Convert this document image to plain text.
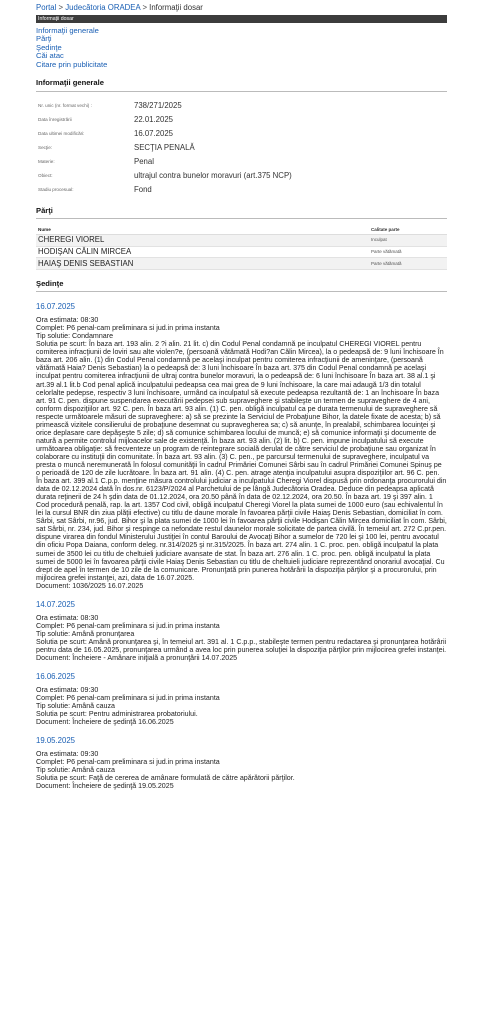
Portal > Judecătoria ORADEA > Informaţii dosar
Informaţii dosar
Informaţii generale
Părţi
Şedinţe
Căi atac
Citare prin publicitate
Informaţii generale
Nr. unic (nr. format vechi) :	738/271/2025
Data înregistrării	22.01.2025
Data ultimei modificări:	16.07.2025
Secţie:	SECŢIA PENALĂ
Materie:	Penal
Obiect:	ultrajul contra bunelor moravuri (art.375 NCP)
Stadiu procesual:	Fond
Părţi
Nume	Calitate parte
CHEREGI VIOREL	Inculpat
HODIŞAN CĂLIN MIRCEA	Parte vătămată
HAIAŞ DENIS SEBASTIAN	Parte vătămată
Şedinţe
16.07.2025
Ora estimata: 08:30
Complet: P6 penal-cam preliminara si jud.in prima instanta
Tip solutie: Condamnare
Solutia pe scurt: În baza art. 193 alin. 2 ?i alin. 21 lit. c) din Codul Penal condamnă pe inculpatul CHEREGI VIOREL pentru comiterea infracţiunii de loviri sau alte violen?e, (persoană vătămată Hodi?an Călin Mircea), la o pedeapsă de: 9 luni închisoare În baza art. 206 alin. (1) din Codul Penal condamnă pe acelaşi inculpat pentru comiterea infracţiunii de ameninţare, (persoană vătămată Haia? Denis Sebastian) la o pedeapsă de: 3 luni închisoare În baza art. 375 din Codul Penal condamnă pe acelaşi inculpat pentru comiterea infracţiunii de ultraj contra bunelor moravuri, la o pedeapsă de: 6 luni închisoare În baza art. 38 al.1 şi art.39 al.1 lit.b Cod penal aplică inculpatului pedeapsa cea mai grea de 9 luni închisoare, la care mai adaugă 1/3 din totalul celorlalte pedepse, respectiv 3 luni închisoare, urmând ca inculpatul să execute pedeapsa rezultantă de: 1 an închisoare În baza art. 91 C. pen. dispune suspendarea executării pedepsei sub supraveghere şi stabileşte un termen de supraveghere de 4 ani, conform dispoziţiilor art. 92 C. pen. În baza art. 93 alin. (1) C. pen. obligă inculpatul ca pe durata termenului de supraveghere să respecte următoarele măsuri de supraveghere: a) să se prezinte la Serviciul de Probaţiune Bihor, la datele fixate de acesta; b) să primească vizitele consilierului de probaţiune desemnat cu supravegherea sa; c) să anunţe, în prealabil, schimbarea locuinţei şi orice deplasare care depăşeşte 5 zile; d) să comunice schimbarea locului de muncă; e) să comunice informaţii şi documente de natură a permite controlul mijloacelor sale de existenţă. În baza art. 93 alin. (2) lit. b) C. pen. impune inculpatului să execute următoarea obligaţie: să frecventeze un program de reintegrare socială derulat de către serviciul de probaţiune sau organizat în colaborare cu instituţii din comunitate. În baza art. 93 alin. (3) C. pen., pe parcursul termenului de supraveghere, inculpatul va presta o muncă neremunerată în folosul comunităţii în cadrul Primăriei Comunei Sârbi sau în cadrul Primăriei Comunei Spinuş pe o perioadă de 120 de zile lucrătoare. În baza art. 91 alin. (4) C. pen. atrage atenţia inculpatului asupra dispoziţiilor art. 96 C. pen. În baza art. 399 al.1 C.p.p. menţine măsura controlului judiciar a inculpatului Cheregi Viorel dispusă prin ordonanţa procurorului din data de 02.12.2024 dată în dos.nr. 6123/P/2024 al Parchetului de pe lângă Judecătoria Oradea. Deduce din pedeapsa aplicată durata reţinerii de 24 h şdin data de 01.12.2024, ora 20.50 până în data de 02.12.2024, ora 20.50. În baza art. 19 şi 397 alin. 1 Cod procedură penală, rap. la art. 1357 Cod civil, obligă inculpatul Cheregi Viorel la plata sumei de 1000 euro (sau echivalentul în lei la cursul BNR din ziua plăţii efective) cu titlu de daune morale în favoarea părţii civile Haiaş Denis Sebastian, domiciliat în com. Sârbi, sat Sârbi, nr.96, jud. Bihor şi la plata sumei de 1000 lei în favoarea părţii civile Hodişan Călin Mircea domiciliat în com. Sârbi, sat Sârbi, nr. 234, jud. Bihor şi respinge ca nefondate restul daunelor morale solicitate de partea civilă. În temeiul art. 272 C.pr.pen. dispune virarea din fondul Ministerului Justiţiei în contul Baroului de Avocaţi Bihor a sumelor de 720 lei şi 100 lei, pentru avocatul din oficiu Popa Daiana, conform deleg. nr.314/2025 şi nr.315/2025. În baza art. 274 alin. 1 C. proc. pen. obligă inculpatul la plata sumei de 3500 lei cu titlu de cheltuieli judiciare avansate de stat. În baza art. 276 alin. 1 C. proc. pen. obligă inculpatul la plata sumei de 5000 lei în favoarea părţii civile Haiaş Denis Sebastian cu titlu de cheltuieli judiciare reprezentând onorariul avocaţial. Cu drept de apel în termen de 10 zile de la comunicare. Pronunţată prin punerea hotărârii la dispoziţia părţilor şi a procurorului, prin mijlocirea grefei instanţei, azi, data de 16.07.2025.
Document: 1036/2025 16.07.2025
14.07.2025
Ora estimata: 08:30
Complet: P6 penal-cam preliminara si jud.in prima instanta
Tip solutie: Amână pronunţarea
Solutia pe scurt: Amână pronunţarea şi, în temeiul art. 391 al. 1 C.p.p., stabileşte termen pentru redactarea şi pronunţarea hotărârii pentru data de 16.05.2025, pronunţarea urmând a avea loc prin punerea soluţiei la dispoziţia părţilor prin mijlocirea grefei instanţei.
Document: Încheiere - Amânare iniţială a pronunţării 14.07.2025
16.06.2025
Ora estimata: 09:30
Complet: P6 penal-cam preliminara si jud.in prima instanta
Tip solutie: Amână cauza
Solutia pe scurt: Pentru administrarea probatoriului.
Document: Încheiere de şedinţă 16.06.2025
19.05.2025
Ora estimata: 09:30
Complet: P6 penal-cam preliminara si jud.in prima instanta
Tip solutie: Amână cauza
Solutia pe scurt: Faţă de cererea de amânare formulată de către apărătorii părţilor.
Document: Încheiere de şedinţă 19.05.2025
